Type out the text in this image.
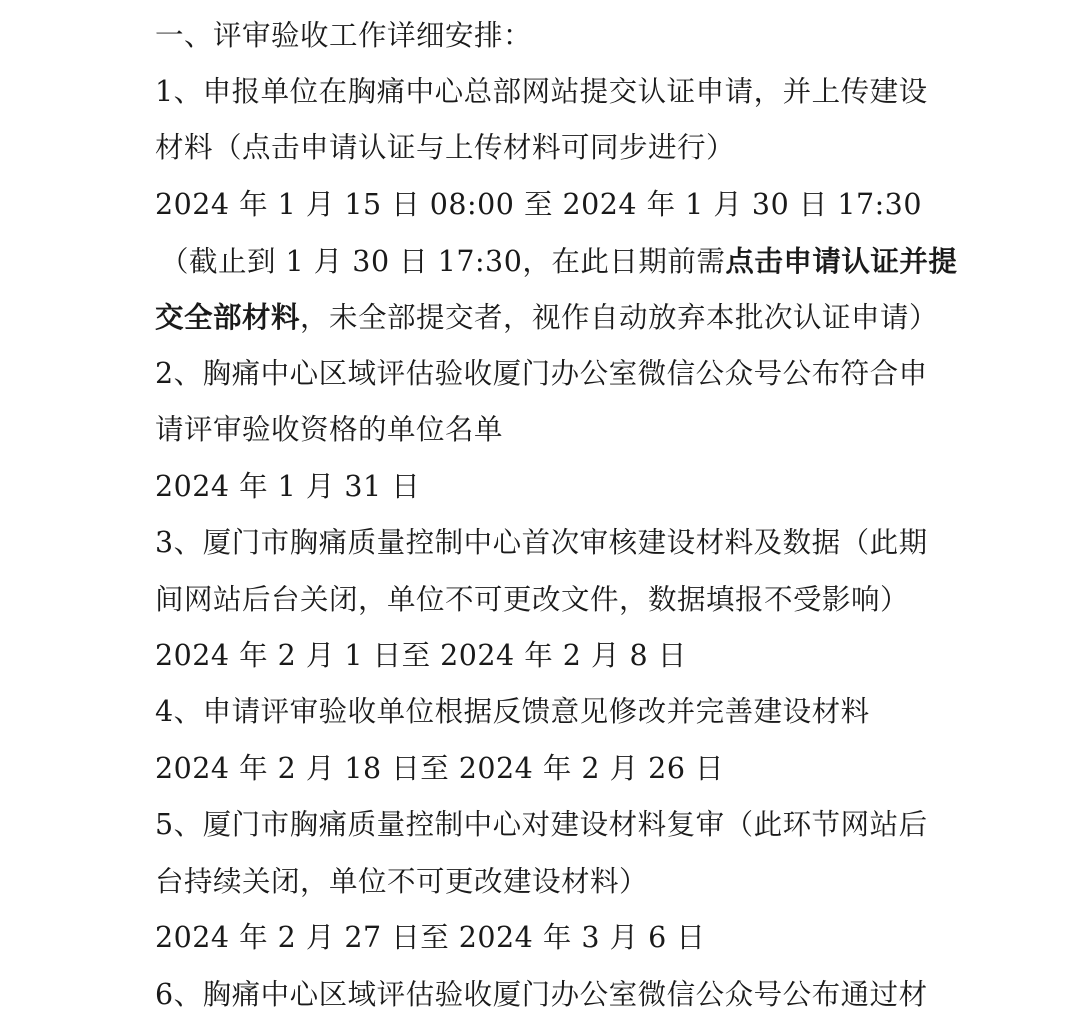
一、评审验收工作详细安排：
1、申报单位在胸痛中心总部网站提交认证申请，并上传建设
材料（点击申请认证与上传材料可同步进行）
2024 年 1 月 15 日 08:00 至 2024 年 1 月 30 日 17:30
（截止到 1 月 30 日 17:30，在此日期前需点击申请认证并提
交全部材料，未全部提交者，视作自动放弃本批次认证申请）
2、胸痛中心区域评估验收厦门办公室微信公众号公布符合申
请评审验收资格的单位名单
2024 年 1 月 31 日
3、厦门市胸痛质量控制中心首次审核建设材料及数据（此期
间网站后台关闭，单位不可更改文件，数据填报不受影响）
2024 年 2 月 1 日至 2024 年 2 月 8 日
4、申请评审验收单位根据反馈意见修改并完善建设材料
2024 年 2 月 18 日至 2024 年 2 月 26 日
5、厦门市胸痛质量控制中心对建设材料复审（此环节网站后
台持续关闭，单位不可更改建设材料）
2024 年 2 月 27 日至 2024 年 3 月 6 日
6、胸痛中心区域评估验收厦门办公室微信公众号公布通过材
